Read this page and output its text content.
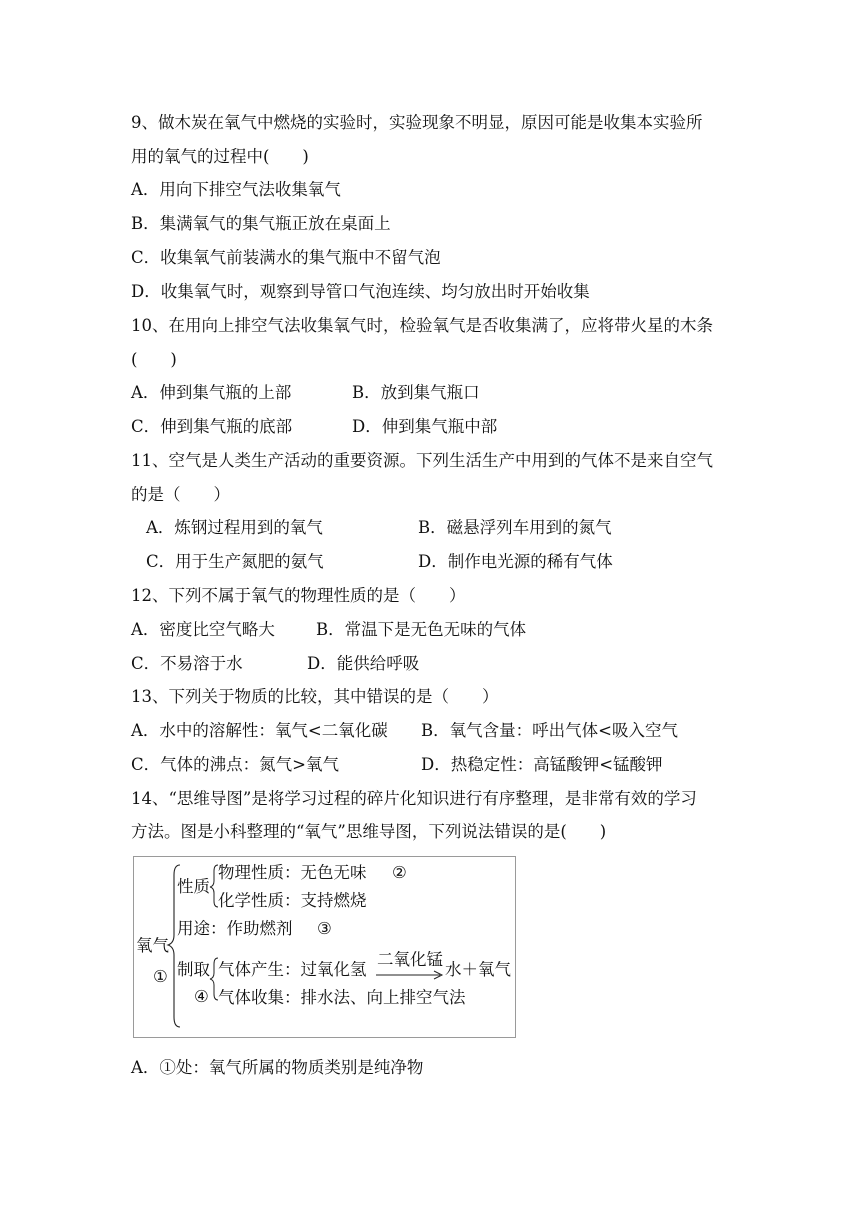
9、做木炭在氧气中燃烧的实验时，实验现象不明显，原因可能是收集本实验所
用的氧气的过程中(　　)
A．用向下排空气法收集氧气
B．集满氧气的集气瓶正放在桌面上
C．收集氧气前装满水的集气瓶中不留气泡
D．收集氧气时，观察到导管口气泡连续、均匀放出时开始收集
10、在用向上排空气法收集氧气时，检验氧气是否收集满了，应将带火星的木条
(　　)
A．伸到集气瓶的上部	B．放到集气瓶口
C．伸到集气瓶的底部	D．伸到集气瓶中部
11、空气是人类生产活动的重要资源。下列生活生产中用到的气体不是来自空气
的是（　　）
A．炼钢过程用到的氧气	B．磁悬浮列车用到的氮气
C．用于生产氮肥的氨气	D．制作电光源的稀有气体
12、下列不属于氧气的物理性质的是（　　）
A．密度比空气略大 B．常温下是无色无味的气体
C．不易溶于水	D．能供给呼吸
13、下列关于物质的比较，其中错误的是（　　）
A．水中的溶解性：氧气<二氧化碳 B．氧气含量：呼出气体<吸入空气
C．气体的沸点：氮气>氧气	D．热稳定性：高锰酸钾<锰酸钾
14、“思维导图”是将学习过程的碎片化知识进行有序整理，是非常有效的学习
方法。图是小科整理的“氧气”思维导图，下列说法错误的是(　　)
氧气
①
性质
物理性质：无色无味 ②
化学性质：支持燃烧
用途：作助燃剂 ③
制取
④
气体产生：过氧化氢
二氧化锰
水＋氧气
气体收集：排水法、向上排空气法
A．①处：氧气所属的物质类别是纯净物
